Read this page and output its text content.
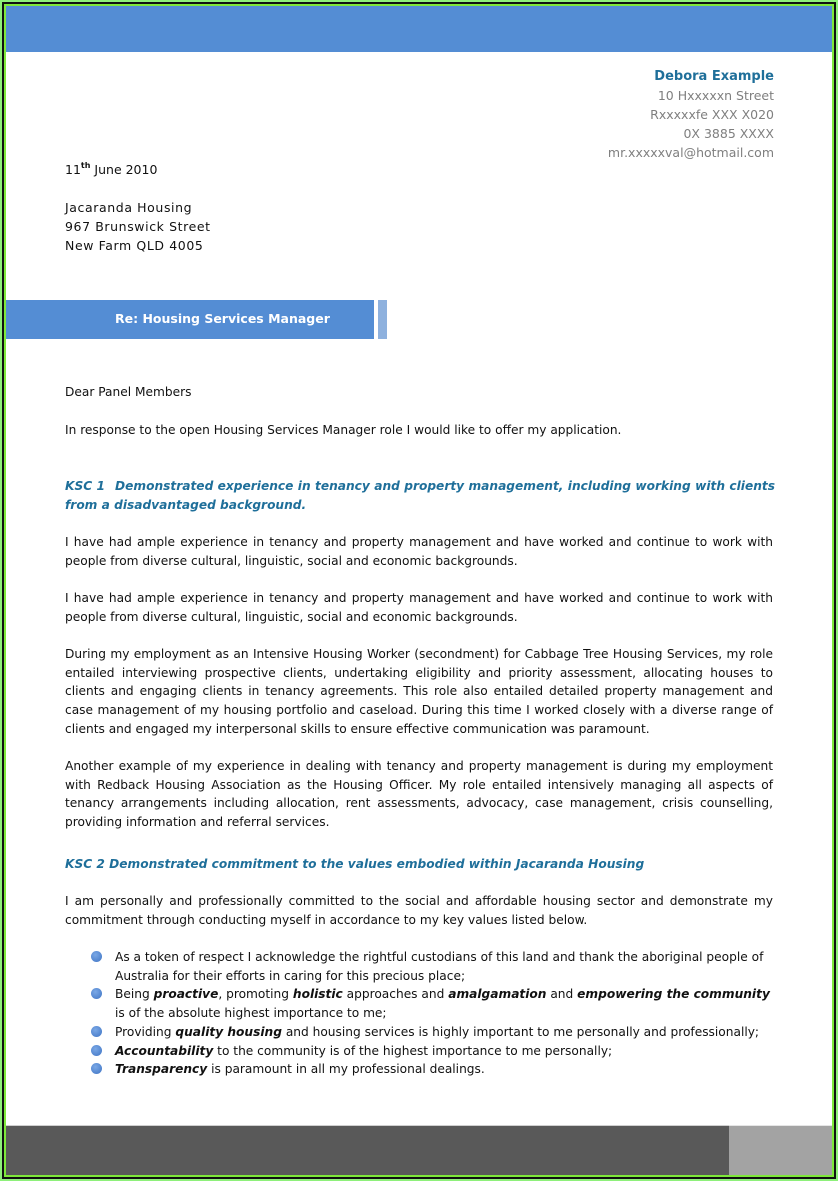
Debora Example
10 Hxxxxxn Street
Rxxxxxfe XXX X020
0X 3885 XXXX
mr.xxxxxval@hotmail.com
11th June 2010
Jacaranda Housing
967 Brunswick Street
New Farm QLD 4005
Re: Housing Services Manager
Dear Panel Members
In response to the open Housing Services Manager role I would like to offer my application.
KSC 1 Demonstrated experience in tenancy and property management, including working with clients from a disadvantaged background.
I have had ample experience in tenancy and property management and have worked and continue to work with people from diverse cultural, linguistic, social and economic backgrounds.
I have had ample experience in tenancy and property management and have worked and continue to work with people from diverse cultural, linguistic, social and economic backgrounds.
During my employment as an Intensive Housing Worker (secondment) for Cabbage Tree Housing Services, my role entailed interviewing prospective clients, undertaking eligibility and priority assessment, allocating houses to clients and engaging clients in tenancy agreements. This role also entailed detailed property management and case management of my housing portfolio and caseload. During this time I worked closely with a diverse range of clients and engaged my interpersonal skills to ensure effective communication was paramount.
Another example of my experience in dealing with tenancy and property management is during my employment with Redback Housing Association as the Housing Officer. My role entailed intensively managing all aspects of tenancy arrangements including allocation, rent assessments, advocacy, case management, crisis counselling, providing information and referral services.
KSC 2 Demonstrated commitment to the values embodied within Jacaranda Housing
I am personally and professionally committed to the social and affordable housing sector and demonstrate my commitment through conducting myself in accordance to my key values listed below.
As a token of respect I acknowledge the rightful custodians of this land and thank the aboriginal people of Australia for their efforts in caring for this precious place;
Being proactive, promoting holistic approaches and amalgamation and empowering the community is of the absolute highest importance to me;
Providing quality housing and housing services is highly important to me personally and professionally;
Accountability to the community is of the highest importance to me personally;
Transparency is paramount in all my professional dealings.
